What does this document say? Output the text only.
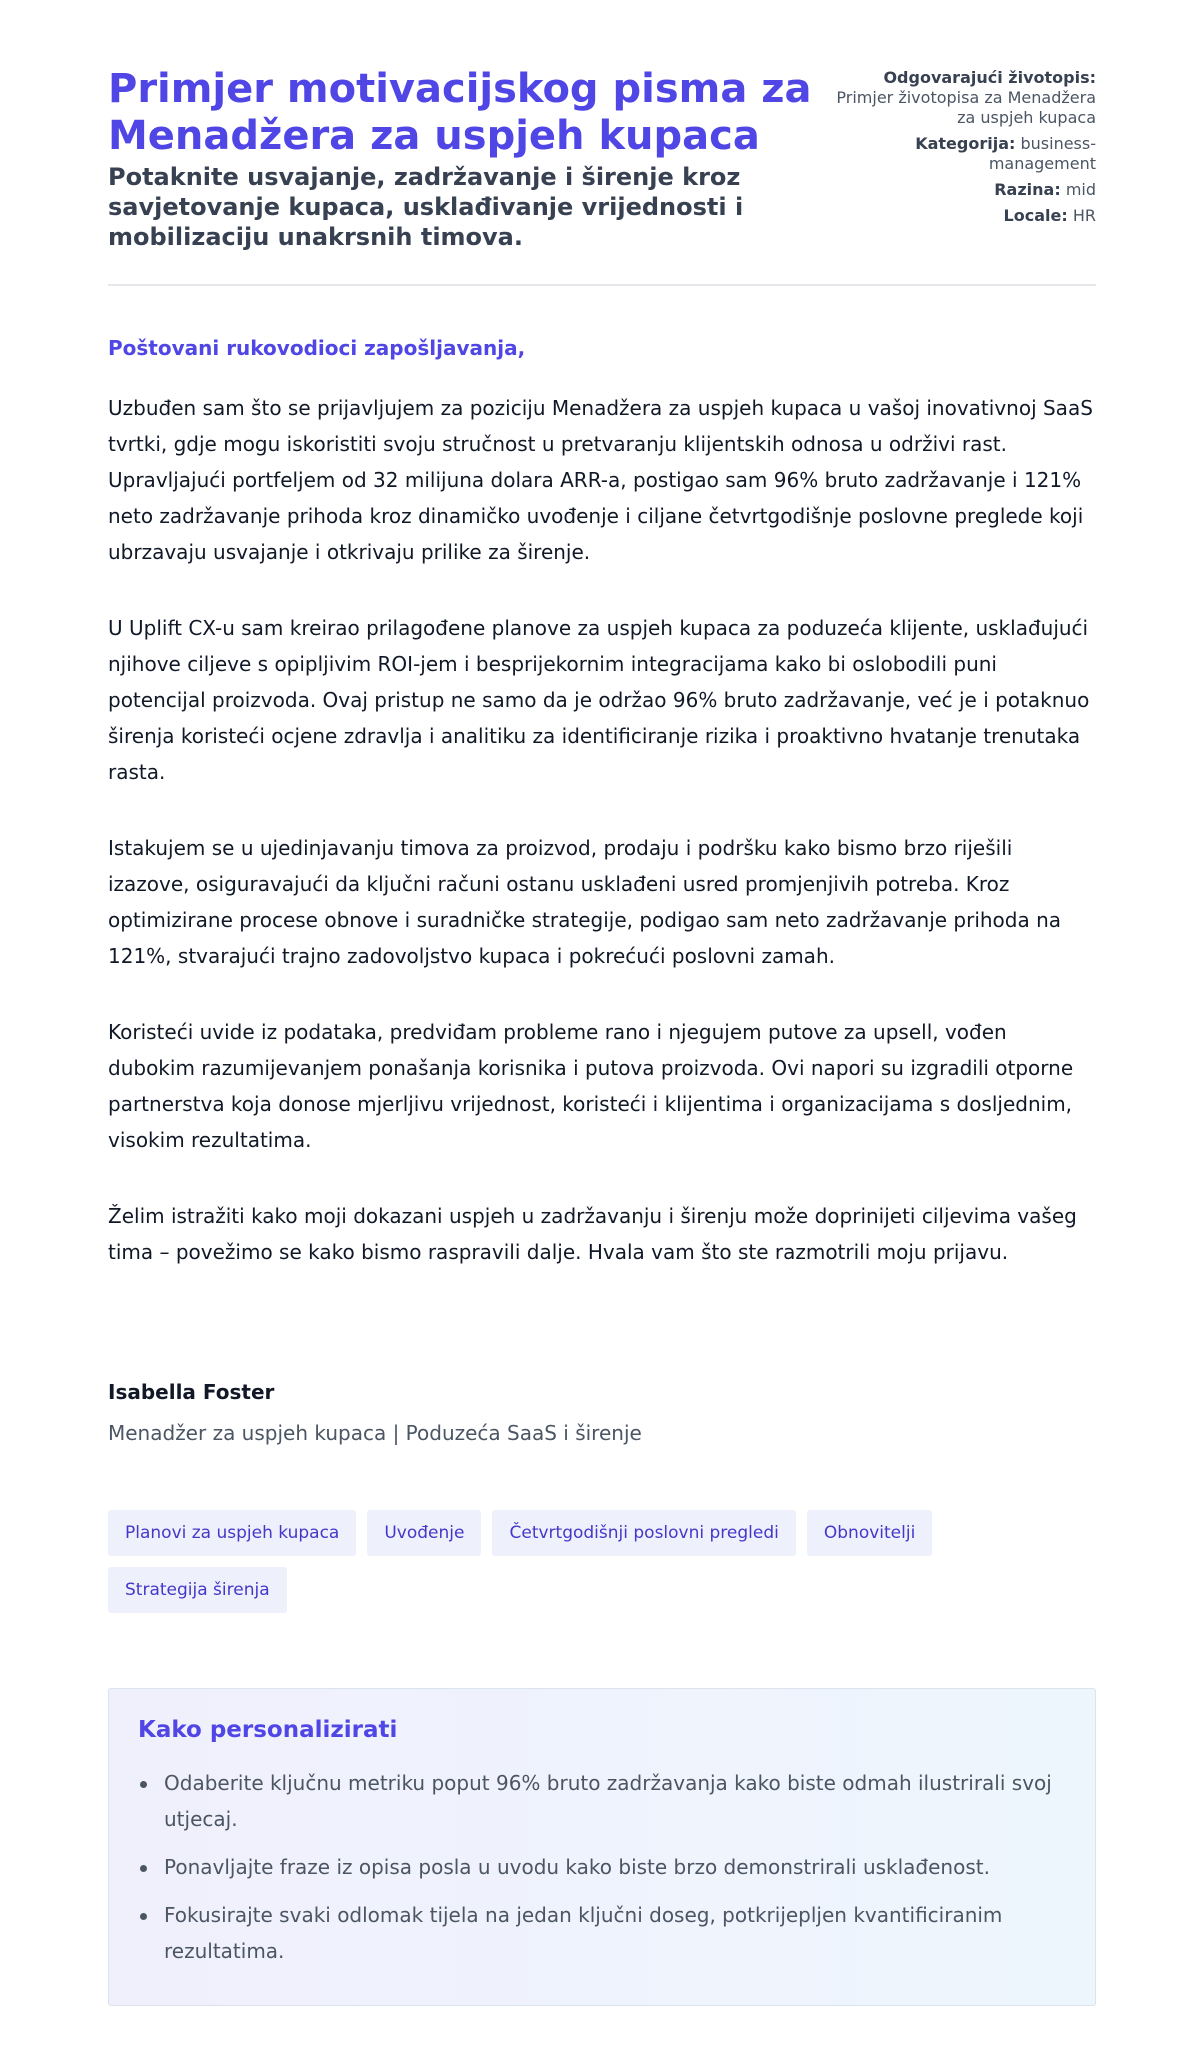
Primjer motivacijskog pisma za Menadžera za uspjeh kupaca
Potaknite usvajanje, zadržavanje i širenje kroz savjetovanje kupaca, usklađivanje vrijednosti i mobilizaciju unakrsnih timova.
Odgovarajući životopis:
Primjer životopisa za Menadžera za uspjeh kupaca
Kategorija: business-management
Razina: mid
Locale: HR
Poštovani rukovodioci zapošljavanja,

Uzbuđen sam što se prijavljujem za poziciju Menadžera za uspjeh kupaca u vašoj inovativnoj SaaS tvrtki, gdje mogu iskoristiti svoju stručnost u pretvaranju klijentskih odnosa u održivi rast. Upravljajući portfeljem od 32 milijuna dolara ARR-a, postigao sam 96% bruto zadržavanje i 121% neto zadržavanje prihoda kroz dinamičko uvođenje i ciljane četvrtgodišnje poslovne preglede koji ubrzavaju usvajanje i otkrivaju prilike za širenje.

U Uplift CX-u sam kreirao prilagođene planove za uspjeh kupaca za poduzeća klijente, usklađujući njihove ciljeve s opipljivim ROI-jem i besprijekornim integracijama kako bi oslobodili puni potencijal proizvoda. Ovaj pristup ne samo da je održao 96% bruto zadržavanje, već je i potaknuo širenja koristeći ocjene zdravlja i analitiku za identificiranje rizika i proaktivno hvatanje trenutaka rasta.

Istakujem se u ujedinjavanju timova za proizvod, prodaju i podršku kako bismo brzo riješili izazove, osiguravajući da ključni računi ostanu usklađeni usred promjenjivih potreba. Kroz optimizirane procese obnove i suradničke strategije, podigao sam neto zadržavanje prihoda na 121%, stvarajući trajno zadovoljstvo kupaca i pokrećući poslovni zamah.

Koristeći uvide iz podataka, predviđam probleme rano i njegujem putove za upsell, vođen dubokim razumijevanjem ponašanja korisnika i putova proizvoda. Ovi napori su izgradili otporne partnerstva koja donose mjerljivu vrijednost, koristeći i klijentima i organizacijama s dosljednim, visokim rezultatima.

Želim istražiti kako moji dokazani uspjeh u zadržavanju i širenju može doprinijeti ciljevima vašeg tima – povežimo se kako bismo raspravili dalje. Hvala vam što ste razmotrili moju prijavu.

Isabella Foster
Menadžer za uspjeh kupaca | Poduzeća SaaS i širenje
Planovi za uspjeh kupaca	Uvođenje	Četvrtgodišnji poslovni pregledi	Obnovitelji
Strategija širenja
Kako personalizirati
Odaberite ključnu metriku poput 96% bruto zadržavanja kako biste odmah ilustrirali svoj utjecaj.
Ponavljajte fraze iz opisa posla u uvodu kako biste brzo demonstrirali usklađenost.
Fokusirajte svaki odlomak tijela na jedan ključni doseg, potkrijepljen kvantificiranim rezultatima.
